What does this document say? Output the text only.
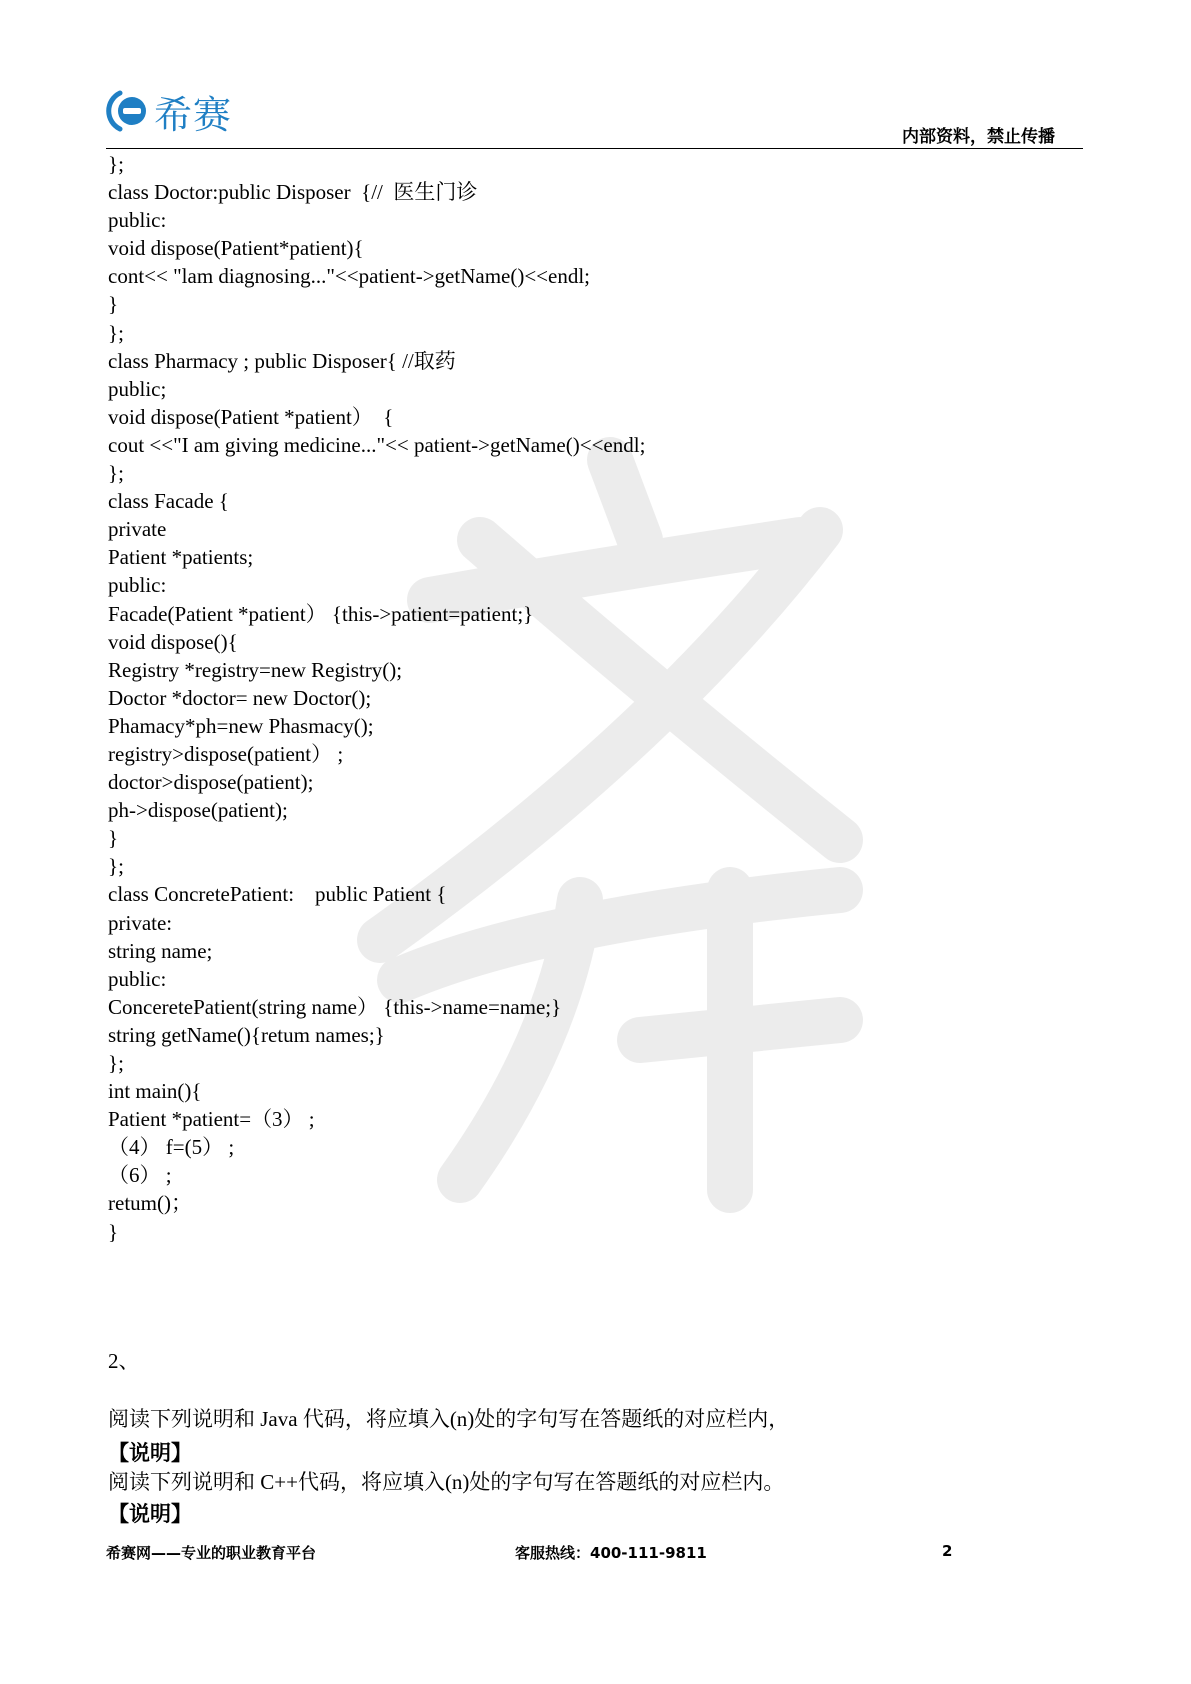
希赛
内部资料，禁止传播
};
class Doctor:public Disposer  {//  医生门诊
public:
void dispose(Patient*patient){
cont<< "lam diagnosing..."<<patient->getName()<<endl;
}
};
class Pharmacy ; public Disposer{ //取药
public;
void dispose(Patient *patient）  {
cout <<"I am giving medicine..."<< patient->getName()<<endl;
};
class Facade {
private
Patient *patients;
public:
Facade(Patient *patient） {this->patient=patient;}
void dispose(){
Registry *registry=new Registry();
Doctor *doctor= new Doctor();
Phamacy*ph=new Phasmacy();
registry>dispose(patient） ;
doctor>dispose(patient);
ph->dispose(patient);
}
};
class ConcretePatient:    public Patient {
private:
string name;
public:
ConceretePatient(string name） {this->name=name;}
string getName(){retum names;}
};
int main(){
Patient *patient=（3） ;
（4） f=(5） ;
（6） ;
retum()；
}
2、
阅读下列说明和 Java 代码，将应填入(n)处的字句写在答题纸的对应栏内，
【说明】
阅读下列说明和 C++代码，将应填入(n)处的字句写在答题纸的对应栏内。
【说明】
希赛网——专业的职业教育平台	客服热线：400-111-9811	2
